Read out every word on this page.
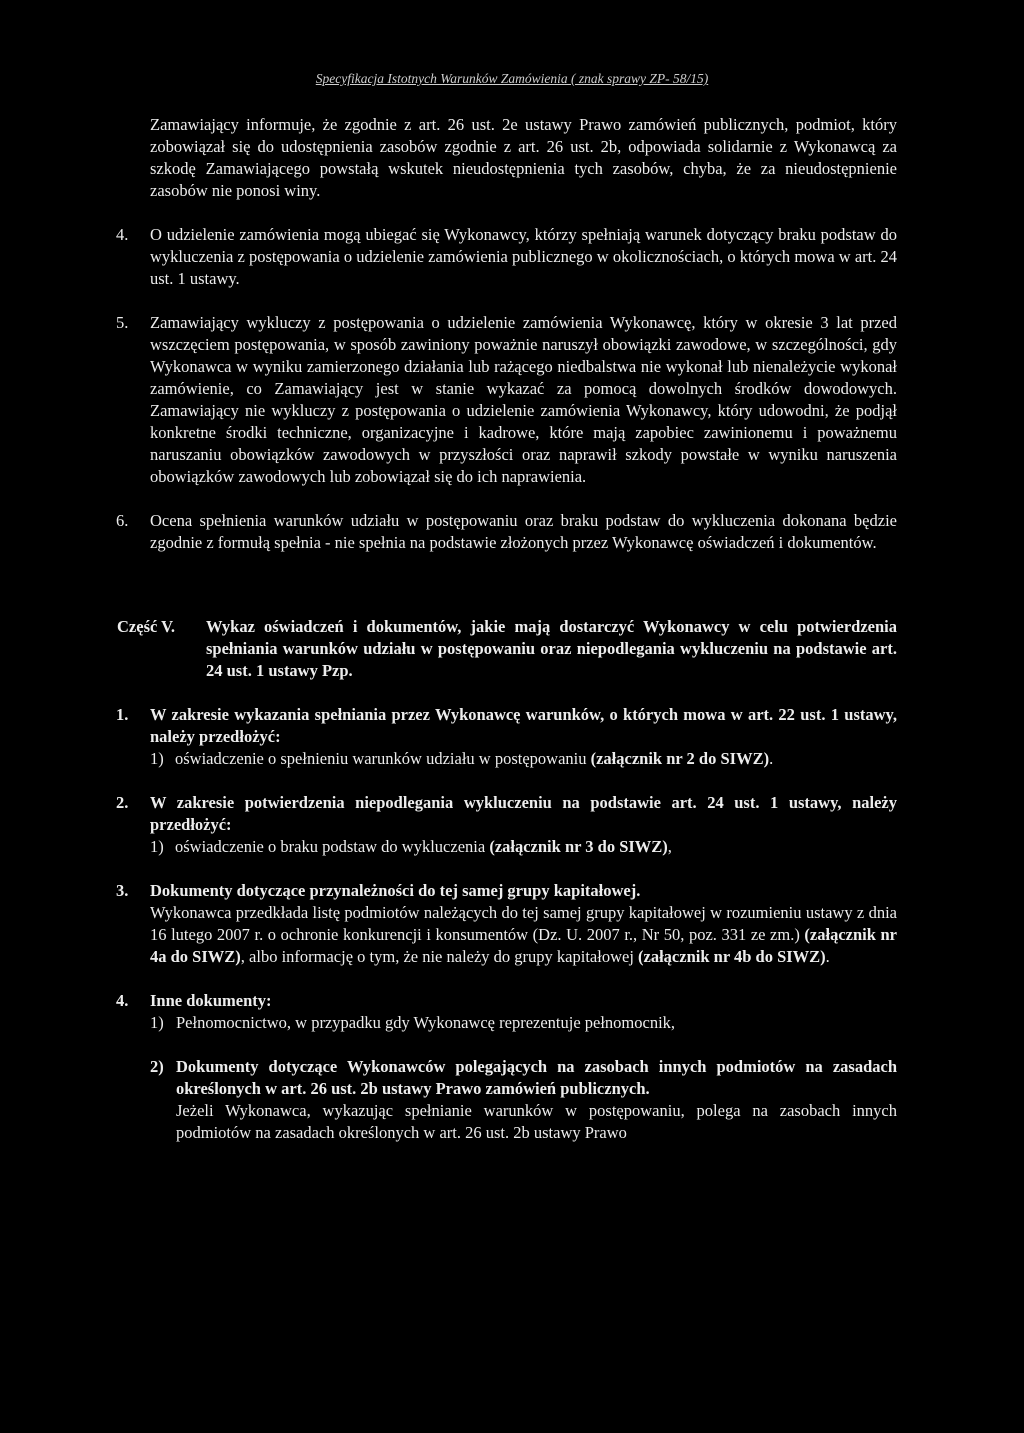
Specyfikacja Istotnych Warunków Zamówienia ( znak sprawy ZP- 58/15)

Zamawiający informuje, że zgodnie z art. 26 ust. 2e ustawy Prawo zamówień publicznych, podmiot, który zobowiązał się do udostępnienia zasobów zgodnie z art. 26 ust. 2b, odpowiada solidarnie z Wykonawcą za szkodę Zamawiającego powstałą wskutek nieudostępnienia tych zasobów, chyba, że za nieudostępnienie zasobów nie ponosi winy.

4. O udzielenie zamówienia mogą ubiegać się Wykonawcy, którzy spełniają warunek dotyczący braku podstaw do wykluczenia z postępowania o udzielenie zamówienia publicznego w okolicznościach, o których mowa w art. 24 ust. 1 ustawy.

5. Zamawiający wykluczy z postępowania o udzielenie zamówienia Wykonawcę, który w okresie 3 lat przed wszczęciem postępowania, w sposób zawiniony poważnie naruszył obowiązki zawodowe, w szczególności, gdy Wykonawca w wyniku zamierzonego działania lub rażącego niedbalstwa nie wykonał lub nienależycie wykonał zamówienie, co Zamawiający jest w stanie wykazać za pomocą dowolnych środków dowodowych. Zamawiający nie wykluczy z postępowania o udzielenie zamówienia Wykonawcy, który udowodni, że podjął konkretne środki techniczne, organizacyjne i kadrowe, które mają zapobiec zawinionemu i poważnemu naruszaniu obowiązków zawodowych w przyszłości oraz naprawił szkody powstałe w wyniku naruszenia obowiązków zawodowych lub zobowiązał się do ich naprawienia.

6. Ocena spełnienia warunków udziału w postępowaniu oraz braku podstaw do wykluczenia dokonana będzie zgodnie z formułą spełnia - nie spełnia na podstawie złożonych przez Wykonawcę oświadczeń i dokumentów.

Część V. Wykaz oświadczeń i dokumentów, jakie mają dostarczyć Wykonawcy w celu potwierdzenia spełniania warunków udziału w postępowaniu oraz niepodlegania wykluczeniu na podstawie art. 24 ust. 1 ustawy Pzp.

1. W zakresie wykazania spełniania przez Wykonawcę warunków, o których mowa w art. 22 ust. 1 ustawy, należy przedłożyć:

1) oświadczenie o spełnieniu warunków udziału w postępowaniu (załącznik nr 2 do SIWZ).

2. W zakresie potwierdzenia niepodlegania wykluczeniu na podstawie art. 24 ust. 1 ustawy, należy przedłożyć:

1) oświadczenie o braku podstaw do wykluczenia (załącznik nr 3 do SIWZ),

3. Dokumenty dotyczące przynależności do tej samej grupy kapitałowej.

Wykonawca przedkłada listę podmiotów należących do tej samej grupy kapitałowej w rozumieniu ustawy z dnia 16 lutego 2007 r. o ochronie konkurencji i konsumentów (Dz. U. 2007 r., Nr 50, poz. 331 ze zm.) (załącznik nr 4a do SIWZ), albo informację o tym, że nie należy do grupy kapitałowej (załącznik nr 4b do SIWZ).

4. Inne dokumenty:

1) Pełnomocnictwo, w przypadku gdy Wykonawcę reprezentuje pełnomocnik,

2) Dokumenty dotyczące Wykonawców polegających na zasobach innych podmiotów na zasadach określonych w art. 26 ust. 2b ustawy Prawo zamówień publicznych.

Jeżeli Wykonawca, wykazując spełnianie warunków w postępowaniu, polega na zasobach innych podmiotów na zasadach określonych w art. 26 ust. 2b ustawy Prawo
